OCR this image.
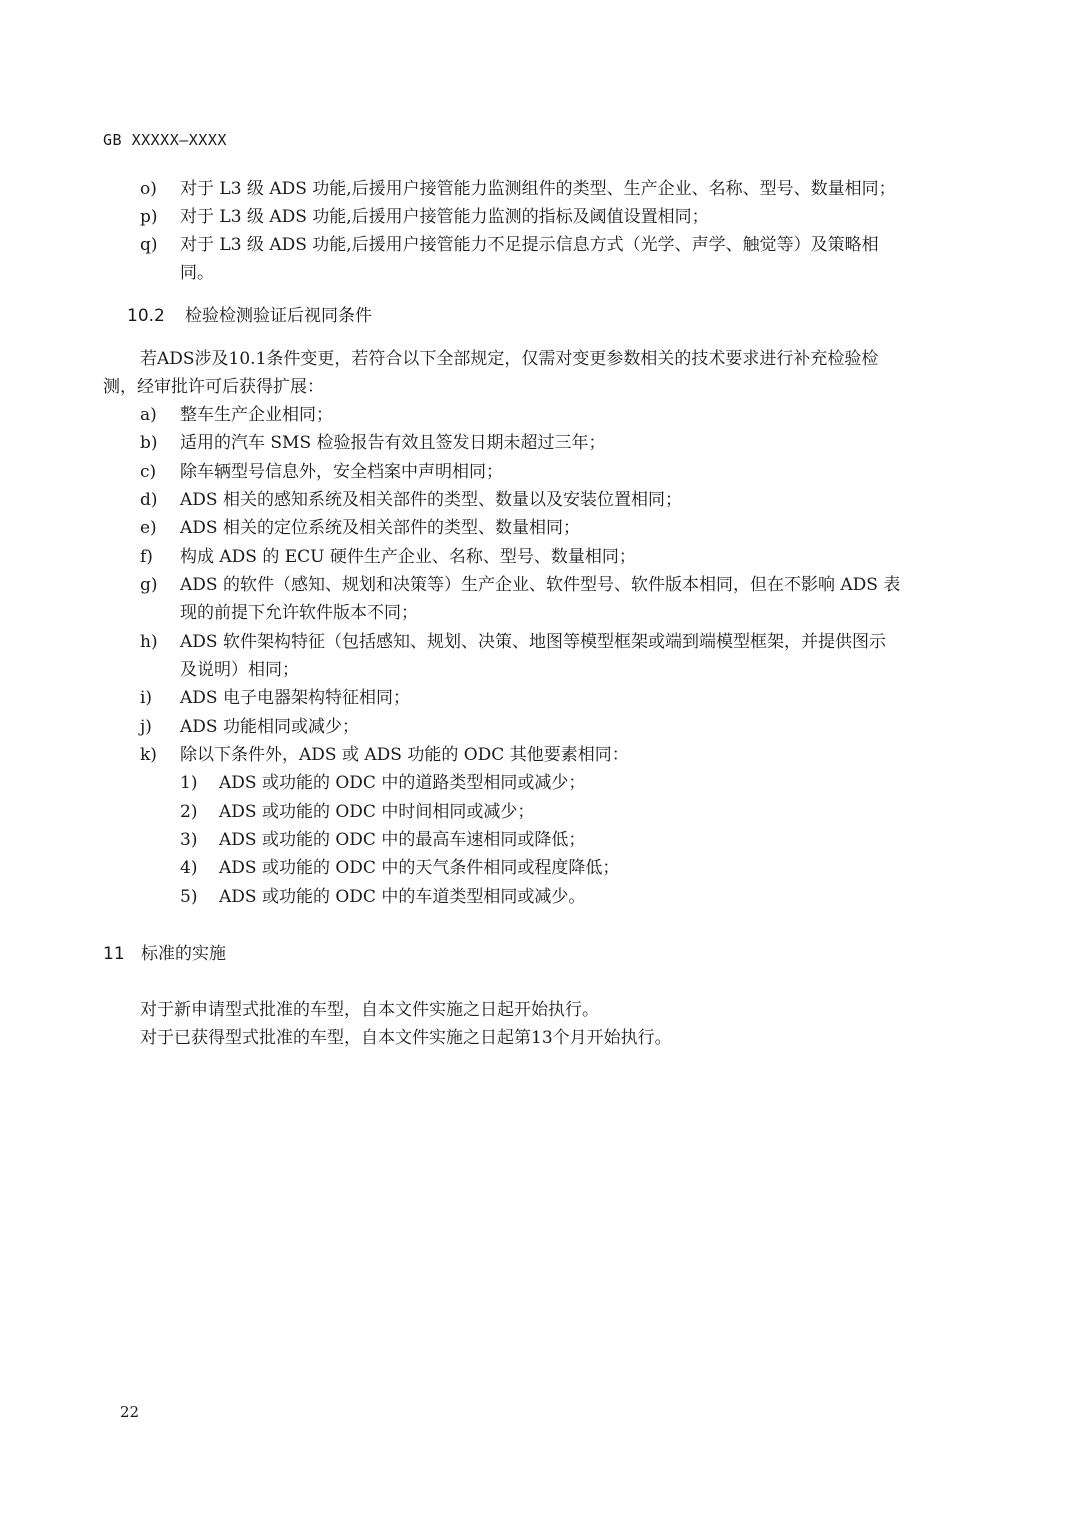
GB XXXXX—XXXX
o) 对于 L3 级 ADS 功能,后援用户接管能力监测组件的类型、生产企业、名称、型号、数量相同；
p) 对于 L3 级 ADS 功能,后援用户接管能力监测的指标及阈值设置相同；
q) 对于 L3 级 ADS 功能,后援用户接管能力不足提示信息方式（光学、声学、触觉等）及策略相
同。
10.2 检验检测验证后视同条件
若ADS涉及10.1条件变更，若符合以下全部规定，仅需对变更参数相关的技术要求进行补充检验检
测，经审批许可后获得扩展：
a) 整车生产企业相同；
b) 适用的汽车 SMS 检验报告有效且签发日期未超过三年；
c) 除车辆型号信息外，安全档案中声明相同；
d) ADS 相关的感知系统及相关部件的类型、数量以及安装位置相同；
e) ADS 相关的定位系统及相关部件的类型、数量相同；
f) 构成 ADS 的 ECU 硬件生产企业、名称、型号、数量相同；
g) ADS 的软件（感知、规划和决策等）生产企业、软件型号、软件版本相同，但在不影响 ADS 表
现的前提下允许软件版本不同；
h) ADS 软件架构特征（包括感知、规划、决策、地图等模型框架或端到端模型框架，并提供图示
及说明）相同；
i) ADS 电子电器架构特征相同；
j) ADS 功能相同或减少；
k) 除以下条件外，ADS 或 ADS 功能的 ODC 其他要素相同：
1) ADS 或功能的 ODC 中的道路类型相同或减少；
2) ADS 或功能的 ODC 中时间相同或减少；
3) ADS 或功能的 ODC 中的最高车速相同或降低；
4) ADS 或功能的 ODC 中的天气条件相同或程度降低；
5) ADS 或功能的 ODC 中的车道类型相同或减少。
11 标准的实施
对于新申请型式批准的车型，自本文件实施之日起开始执行。
对于已获得型式批准的车型，自本文件实施之日起第13个月开始执行。
22
